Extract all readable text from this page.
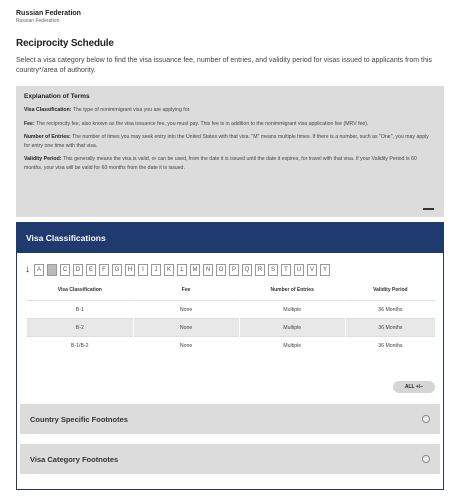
Russian Federation
Russian Federation
Reciprocity Schedule
Select a visa category below to find the visa issuance fee, number of entries, and validity period for visas issued to applicants from this country*/area of authority.
Explanation of Terms
Visa Classification: The type of nonimmigrant visa you are applying for.
Fee: The reciprocity fee, also known as the visa issuance fee, you must pay. This fee is in addition to the nonimmigrant visa application fee (MRV fee).
Number of Entries: The number of times you may seek entry into the United States with that visa. "M" means multiple times. If there is a number, such as "One", you may apply for entry one time with that visa.
Validity Period: This generally means the visa is valid, or can be used, from the date it is issued until the date it expires, for travel with that visa. If your Validity Period is 60 months, your visa will be valid for 60 months from the date it is issued.
Visa Classifications
↓	A	B	C	D	E	F	G	H	I	J	K	L	M	N	O	P	Q	R	S	T	U	V	Y
Visa Classification	Fee	Number of Entries	Validity Period
B-1	None	Multiple	36 Months
B-2	None	Multiple	36 Months
B-1/B-2	None	Multiple	36 Months
ALL +/−
Country Specific Footnotes
Visa Category Footnotes
